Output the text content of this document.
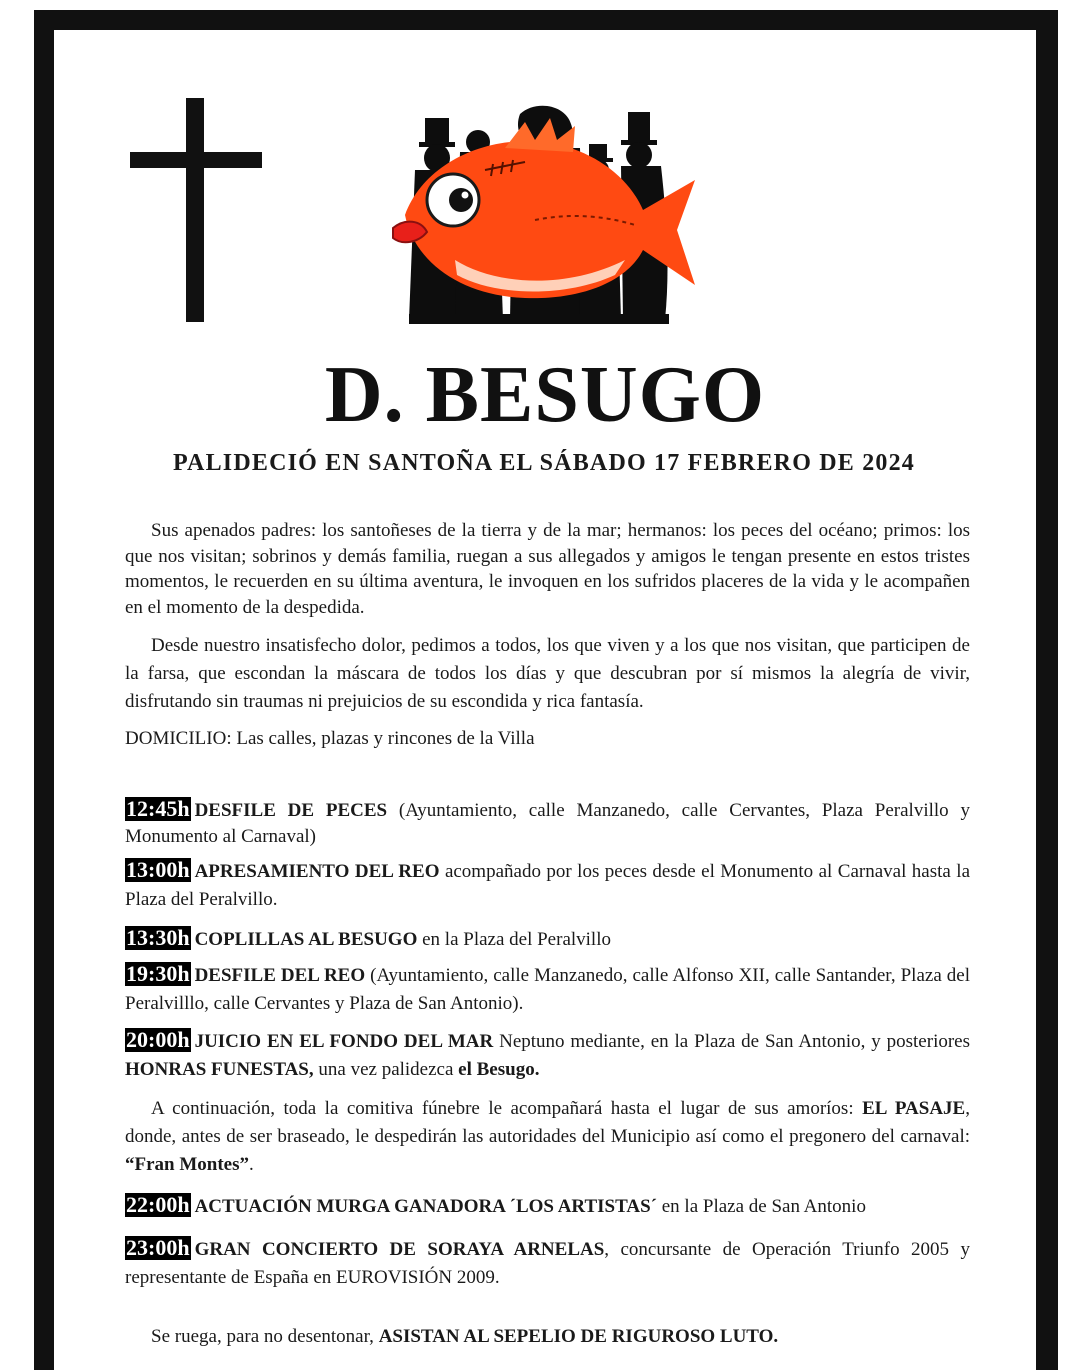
D. BESUGO
PALIDECIÓ EN SANTOÑA EL SÁBADO 17 FEBRERO DE 2024

Sus apenados padres: los santoñeses de la tierra y de la mar; hermanos: los peces del océano; primos: los que nos visitan; sobrinos y demás familia, ruegan a sus allegados y amigos le tengan presente en estos tristes momentos, le recuerden en su última aventura, le invoquen en los sufridos placeres de la vida y le acompañen en el momento de la despedida.

Desde nuestro insatisfecho dolor, pedimos a todos, los que viven y a los que nos visitan, que participen de la farsa, que escondan la máscara de todos los días y que descubran por sí mismos la alegría de vivir, disfrutando sin traumas ni prejuicios de su escondida y rica fantasía.

DOMICILIO: Las calles, plazas y rincones de la Villa

12:45h DESFILE DE PECES (Ayuntamiento, calle Manzanedo, calle Cervantes, Plaza Peralvillo y Monumento al Carnaval)

13:00h APRESAMIENTO DEL REO acompañado por los peces desde el Monumento al Carnaval hasta la Plaza del Peralvillo.

13:30h COPLILLAS AL BESUGO en la Plaza del Peralvillo

19:30h DESFILE DEL REO (Ayuntamiento, calle Manzanedo, calle Alfonso XII, calle Santander, Plaza del Peralvilllo, calle Cervantes y Plaza de San Antonio).

20:00h JUICIO EN EL FONDO DEL MAR Neptuno mediante, en la Plaza de San Antonio, y posteriores HONRAS FUNESTAS, una vez palidezca el Besugo.

A continuación, toda la comitiva fúnebre le acompañará hasta el lugar de sus amoríos: EL PASAJE, donde, antes de ser braseado, le despedirán las autoridades del Municipio así como el pregonero del carnaval: “Fran Montes”.

22:00h ACTUACIÓN MURGA GANADORA ´LOS ARTISTAS´ en la Plaza de San Antonio

23:00h GRAN CONCIERTO DE SORAYA ARNELAS, concursante de Operación Triunfo 2005 y representante de España en EUROVISIÓN 2009.

Se ruega, para no desentonar, ASISTAN AL SEPELIO DE RIGUROSO LUTO.
